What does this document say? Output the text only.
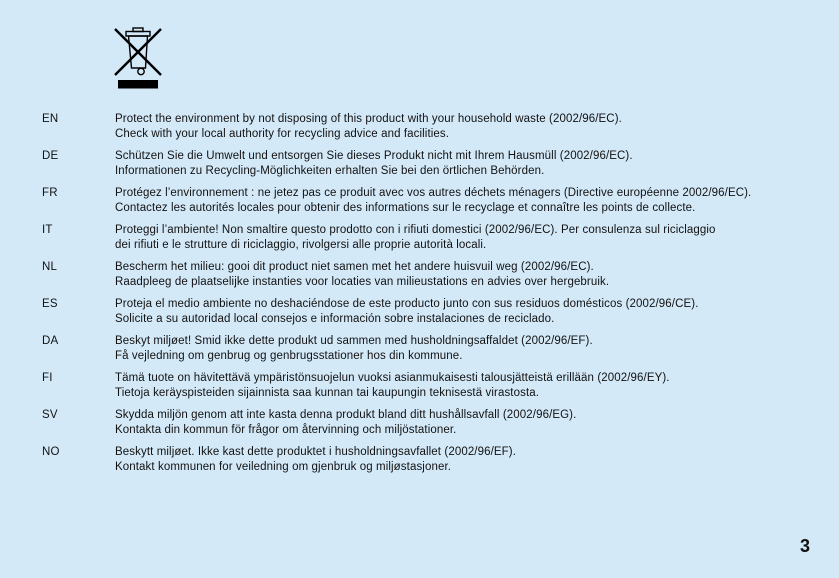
EN	Protect the environment by not disposing of this product with your household waste (2002/96/EC).
Check with your local authority for recycling advice and facilities.
DE	Schützen Sie die Umwelt und entsorgen Sie dieses Produkt nicht mit Ihrem Hausmüll (2002/96/EC).
Informationen zu Recycling-Möglichkeiten erhalten Sie bei den örtlichen Behörden.
FR	Protégez l’environnement : ne jetez pas ce produit avec vos autres déchets ménagers (Directive européenne 2002/96/EC).
Contactez les autorités locales pour obtenir des informations sur le recyclage et connaître les points de collecte.
IT	Proteggi l’ambiente! Non smaltire questo prodotto con i rifiuti domestici (2002/96/EC). Per consulenza sul riciclaggio
dei rifiuti e le strutture di riciclaggio, rivolgersi alle proprie autorità locali.
NL	Bescherm het milieu: gooi dit product niet samen met het andere huisvuil weg (2002/96/EC).
Raadpleeg de plaatselijke instanties voor locaties van milieustations en advies over hergebruik.
ES	Proteja el medio ambiente no deshaciéndose de este producto junto con sus residuos domésticos (2002/96/CE).
Solicite a su autoridad local consejos e información sobre instalaciones de reciclado.
DA	Beskyt miljøet! Smid ikke dette produkt ud sammen med husholdningsaffaldet (2002/96/EF).
Få vejledning om genbrug og genbrugsstationer hos din kommune.
FI	Tämä tuote on hävitettävä ympäristönsuojelun vuoksi asianmukaisesti talousjätteistä erillään (2002/96/EY).
Tietoja keräyspisteiden sijainnista saa kunnan tai kaupungin teknisestä virastosta.
SV	Skydda miljön genom att inte kasta denna produkt bland ditt hushållsavfall (2002/96/EG).
Kontakta din kommun för frågor om återvinning och miljöstationer.
NO	Beskytt miljøet. Ikke kast dette produktet i husholdningsavfallet (2002/96/EF).
Kontakt kommunen for veiledning om gjenbruk og miljøstasjoner.
3
